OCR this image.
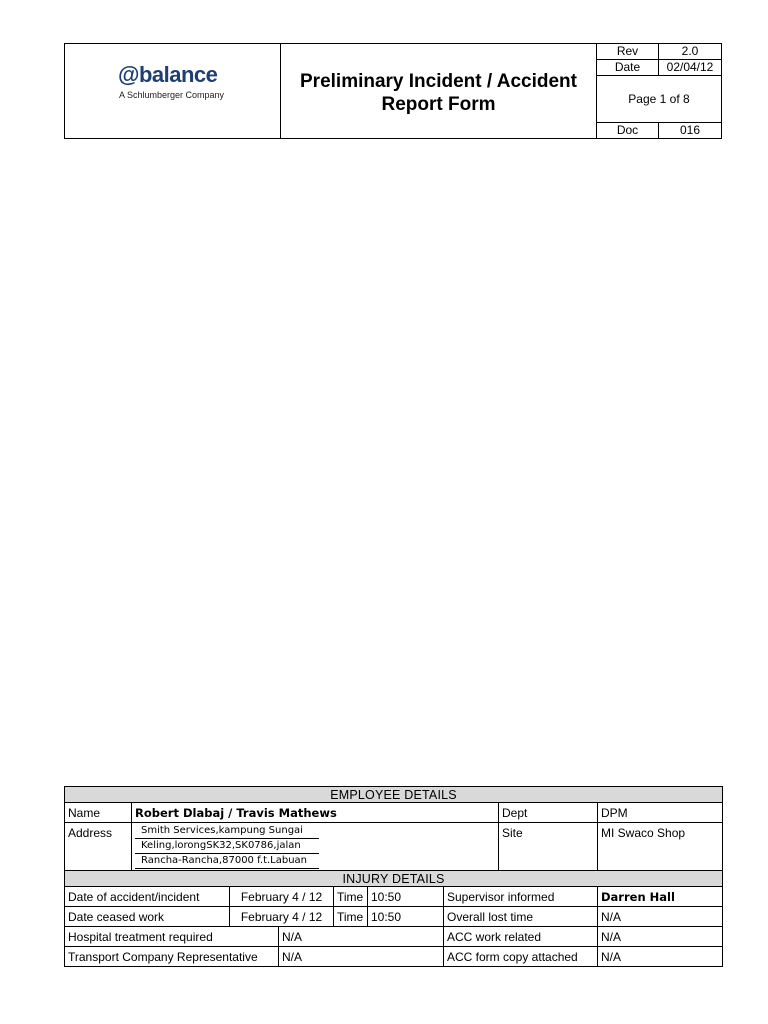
@balance
A Schlumberger Company
Preliminary Incident / Accident Report Form
Rev	2.0
Date	02/04/12
Page 1 of 8
Doc	016
EMPLOYEE DETAILS								
Name	Robert Dlabaj / Travis Mathews						Dept	DPM
Address	Smith Services,kampung Sungai
Keling,lorongSK32,SK0786,jalan
Rancha-Rancha,87000 f.t.Labuan						Site	MI Swaco Shop
INJURY DETAILS								
Date of accident/incident		February 4 / 12		Time	10:50	Supervisor informed		Darren Hall
Date ceased work		February 4 / 12		Time	10:50	Overall lost time		N/A
Hospital treatment required			N/A			ACC work related		N/A
Transport Company Representative			N/A			ACC form copy attached		N/A
